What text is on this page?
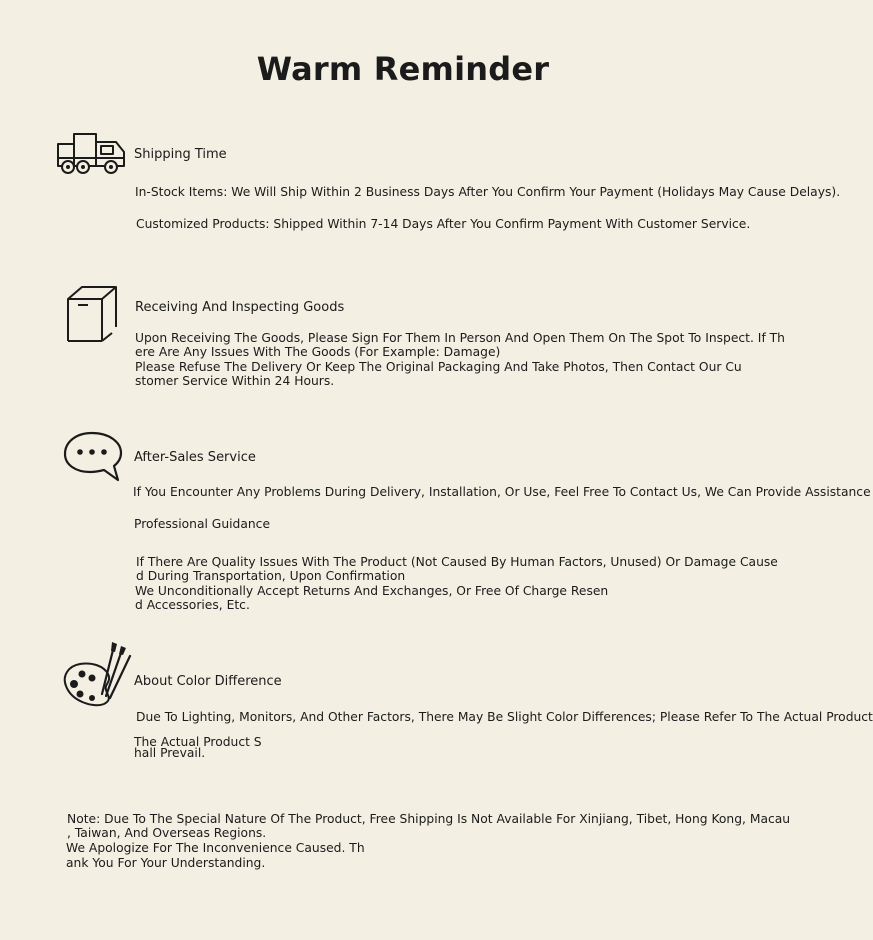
Warm Reminder
Shipping Time
In-Stock Items: We Will Ship Within 2 Business Days After You Confirm Your Payment (Holidays May Cause Delays).
Customized Products: Shipped Within 7-14 Days After You Confirm Payment With Customer Service.
Receiving And Inspecting Goods
Upon Receiving The Goods, Please Sign For Them In Person And Open Them On The Spot To Inspect. If Th
ere Are Any Issues With The Goods (For Example: Damage)
Please Refuse The Delivery Or Keep The Original Packaging And Take Photos, Then Contact Our Cu
stomer Service Within 24 Hours.
After-Sales Service
If You Encounter Any Problems During Delivery, Installation, Or Use, Feel Free To Contact Us, We Can Provide Assistance
Professional Guidance
If There Are Quality Issues With The Product (Not Caused By Human Factors, Unused) Or Damage Cause
d During Transportation, Upon Confirmation
We Unconditionally Accept Returns And Exchanges, Or Free Of Charge Resen
d Accessories, Etc.
About Color Difference
Due To Lighting, Monitors, And Other Factors, There May Be Slight Color Differences; Please Refer To The Actual Product
The Actual Product S
hall Prevail.
Note: Due To The Special Nature Of The Product, Free Shipping Is Not Available For Xinjiang, Tibet, Hong Kong, Macau
, Taiwan, And Overseas Regions.
We Apologize For The Inconvenience Caused. Th
ank You For Your Understanding.
